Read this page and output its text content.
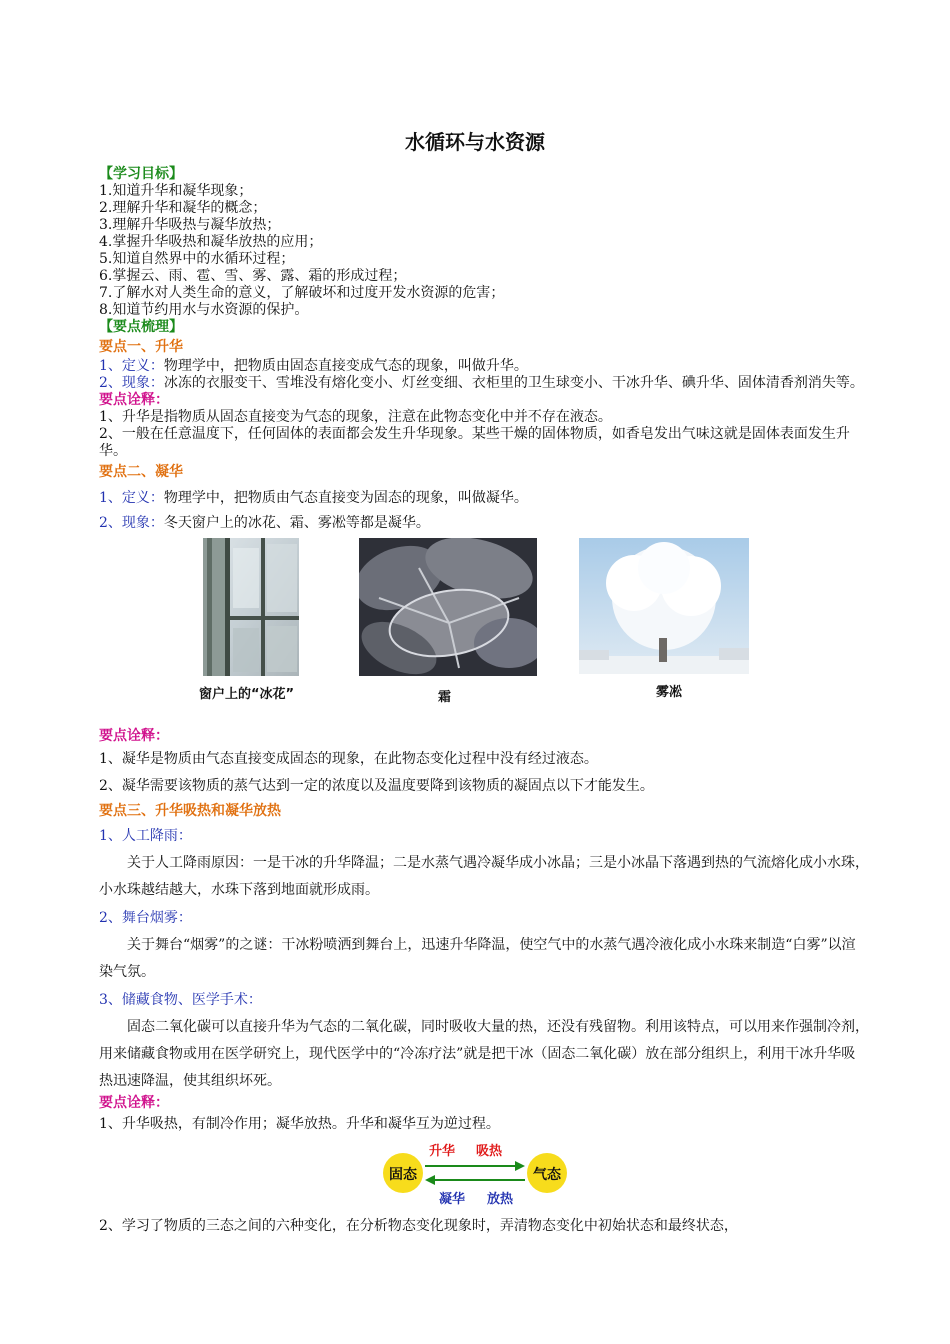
水循环与水资源
【学习目标】
1.知道升华和凝华现象；
2.理解升华和凝华的概念；
3.理解升华吸热与凝华放热；
4.掌握升华吸热和凝华放热的应用；
5.知道自然界中的水循环过程；
6.掌握云、雨、雹、雪、雾、露、霜的形成过程；
7.了解水对人类生命的意义，了解破坏和过度开发水资源的危害；
8.知道节约用水与水资源的保护。
【要点梳理】
要点一、升华
1、定义：物理学中，把物质由固态直接变成气态的现象，叫做升华。
2、现象：冰冻的衣服变干、雪堆没有熔化变小、灯丝变细、衣柜里的卫生球变小、干冰升华、碘升华、固体清香剂消失等。
要点诠释：
1、升华是指物质从固态直接变为气态的现象，注意在此物态变化中并不存在液态。
2、一般在任意温度下，任何固体的表面都会发生升华现象。某些干燥的固体物质，如香皂发出气味这就是固体表面发生升华。
要点二、凝华
1、定义：物理学中，把物质由气态直接变为固态的现象，叫做凝华。
2、现象：冬天窗户上的冰花、霜、雾凇等都是凝华。
窗户上的“冰花”	霜	雾凇
要点诠释：
1、凝华是物质由气态直接变成固态的现象，在此物态变化过程中没有经过液态。
2、凝华需要该物质的蒸气达到一定的浓度以及温度要降到该物质的凝固点以下才能发生。
要点三、升华吸热和凝华放热
1、人工降雨：
关于人工降雨原因：一是干冰的升华降温；二是水蒸气遇冷凝华成小冰晶；三是小冰晶下落遇到热的气流熔化成小水珠，小水珠越结越大，水珠下落到地面就形成雨。
2、舞台烟雾：
关于舞台“烟雾”的之谜：干冰粉喷洒到舞台上，迅速升华降温，使空气中的水蒸气遇冷液化成小水珠来制造“白雾”以渲染气氛。
3、储藏食物、医学手术：
固态二氧化碳可以直接升华为气态的二氧化碳，同时吸收大量的热，还没有残留物。利用该特点，可以用来作强制冷剂，用来储藏食物或用在医学研究上，现代医学中的“冷冻疗法”就是把干冰（固态二氧化碳）放在部分组织上，利用干冰升华吸热迅速降温，使其组织坏死。
要点诠释：
1、升华吸热，有制冷作用；凝华放热。升华和凝华互为逆过程。
固态	气态
升华 吸热
凝华 放热
2、学习了物质的三态之间的六种变化，在分析物态变化现象时，弄清物态变化中初始状态和最终状态，
